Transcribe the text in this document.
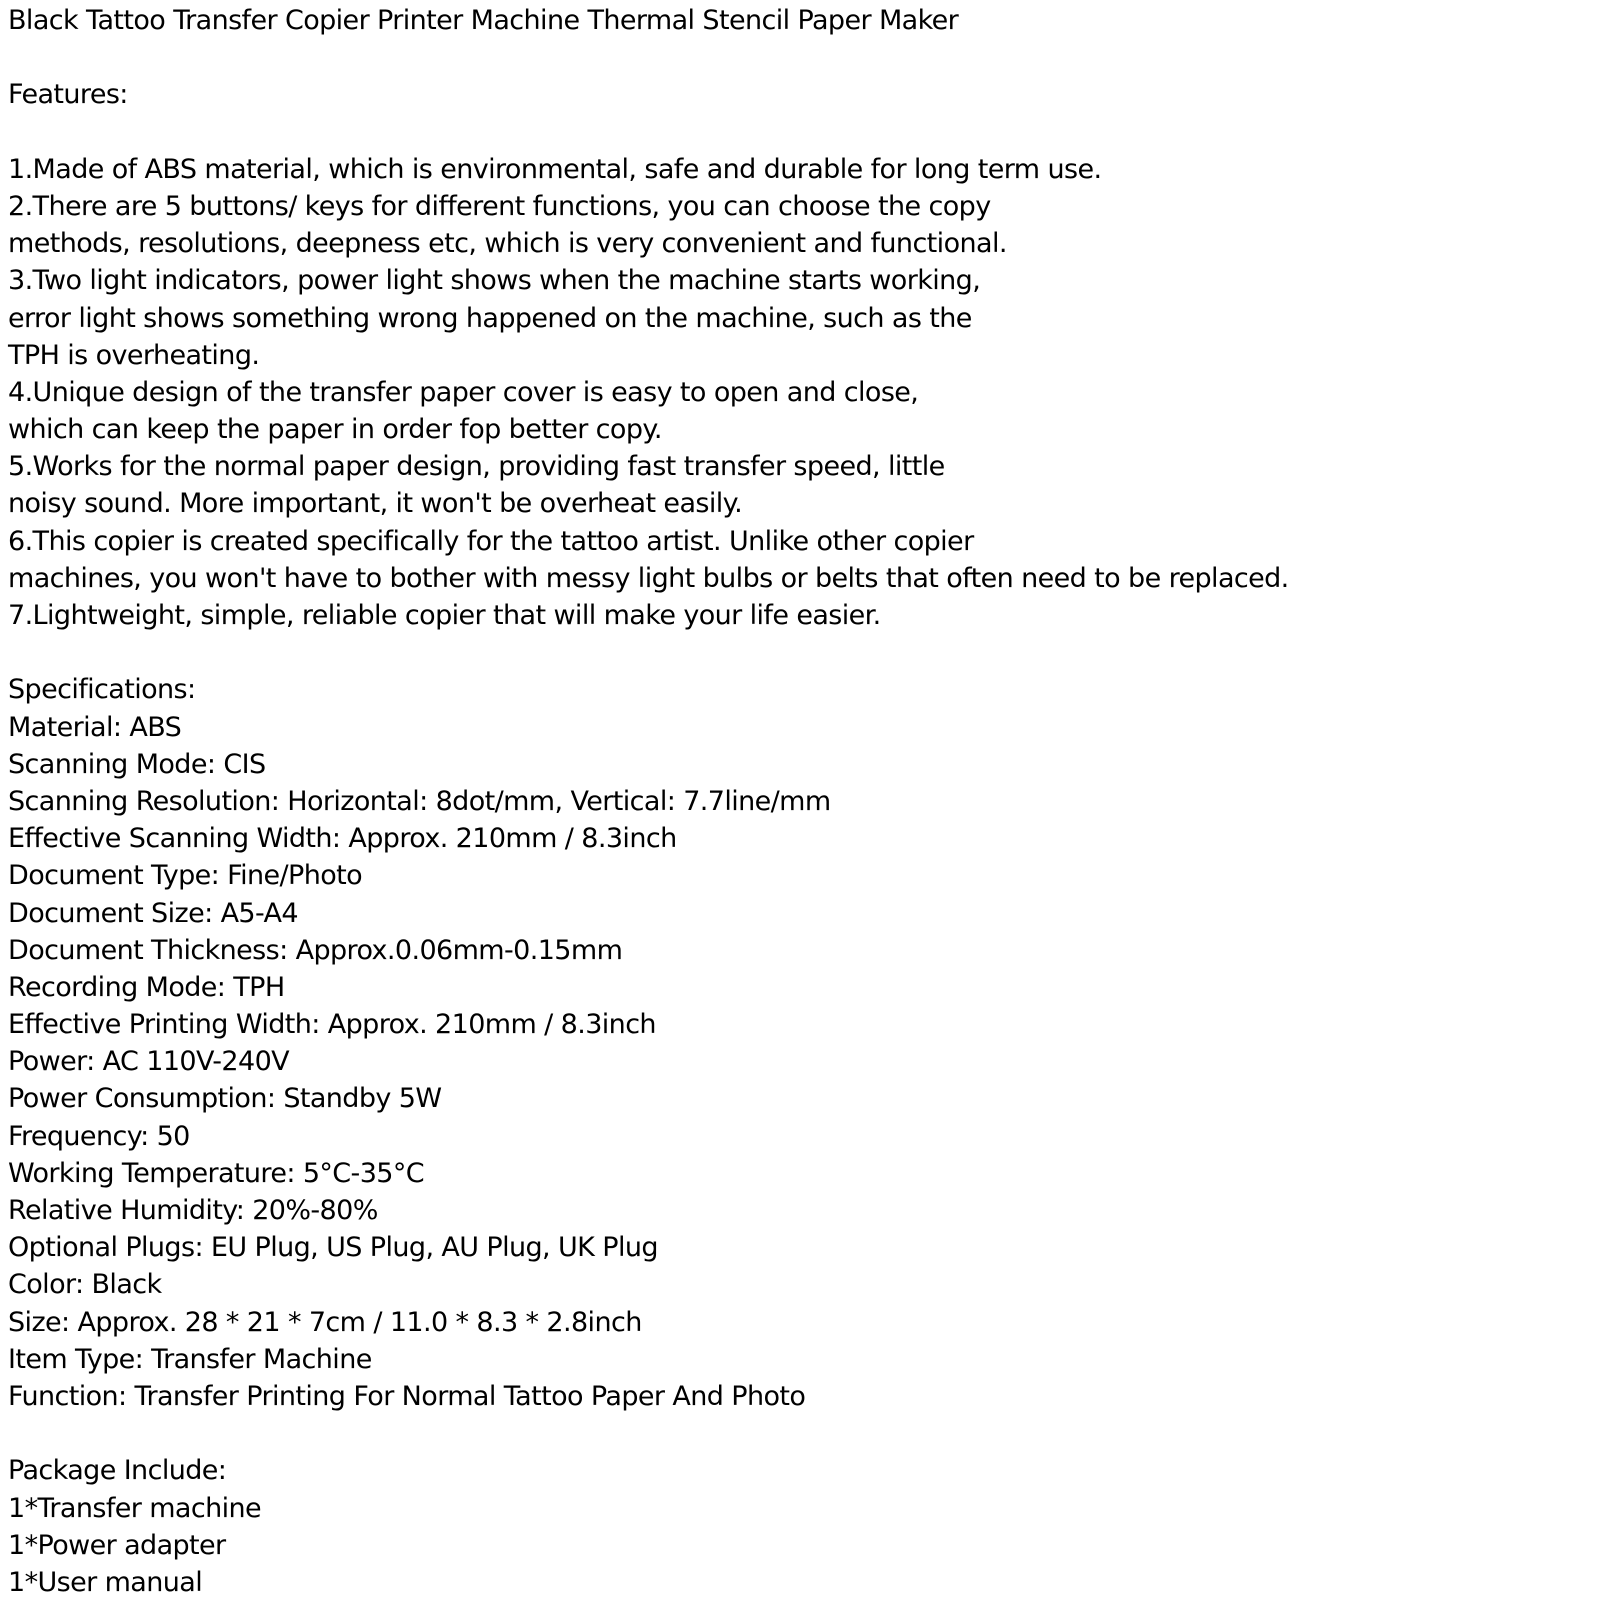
Black Tattoo Transfer Copier Printer Machine Thermal Stencil Paper Maker
Features:
1.Made of ABS material, which is environmental, safe and durable for long term use.
2.There are 5 buttons/ keys for different functions, you can choose the copy
methods, resolutions, deepness etc, which is very convenient and functional.
3.Two light indicators, power light shows when the machine starts working,
error light shows something wrong happened on the machine, such as the
TPH is overheating.
4.Unique design of the transfer paper cover is easy to open and close,
which can keep the paper in order fop better copy.
5.Works for the normal paper design, providing fast transfer speed, little
noisy sound. More important, it won't be overheat easily.
6.This copier is created specifically for the tattoo artist. Unlike other copier
machines, you won't have to bother with messy light bulbs or belts that often need to be replaced.
7.Lightweight, simple, reliable copier that will make your life easier.
Specifications:
Material: ABS
Scanning Mode: CIS
Scanning Resolution: Horizontal: 8dot/mm, Vertical: 7.7line/mm
Effective Scanning Width: Approx. 210mm / 8.3inch
Document Type: Fine/Photo
Document Size: A5-A4
Document Thickness: Approx.0.06mm-0.15mm
Recording Mode: TPH
Effective Printing Width: Approx. 210mm / 8.3inch
Power: AC 110V-240V
Power Consumption: Standby 5W
Frequency: 50
Working Temperature: 5°C-35°C
Relative Humidity: 20%-80%
Optional Plugs: EU Plug, US Plug, AU Plug, UK Plug
Color: Black
Size: Approx. 28 * 21 * 7cm / 11.0 * 8.3 * 2.8inch
Item Type: Transfer Machine
Function: Transfer Printing For Normal Tattoo Paper And Photo
Package Include:
1*Transfer machine
1*Power adapter
1*User manual
